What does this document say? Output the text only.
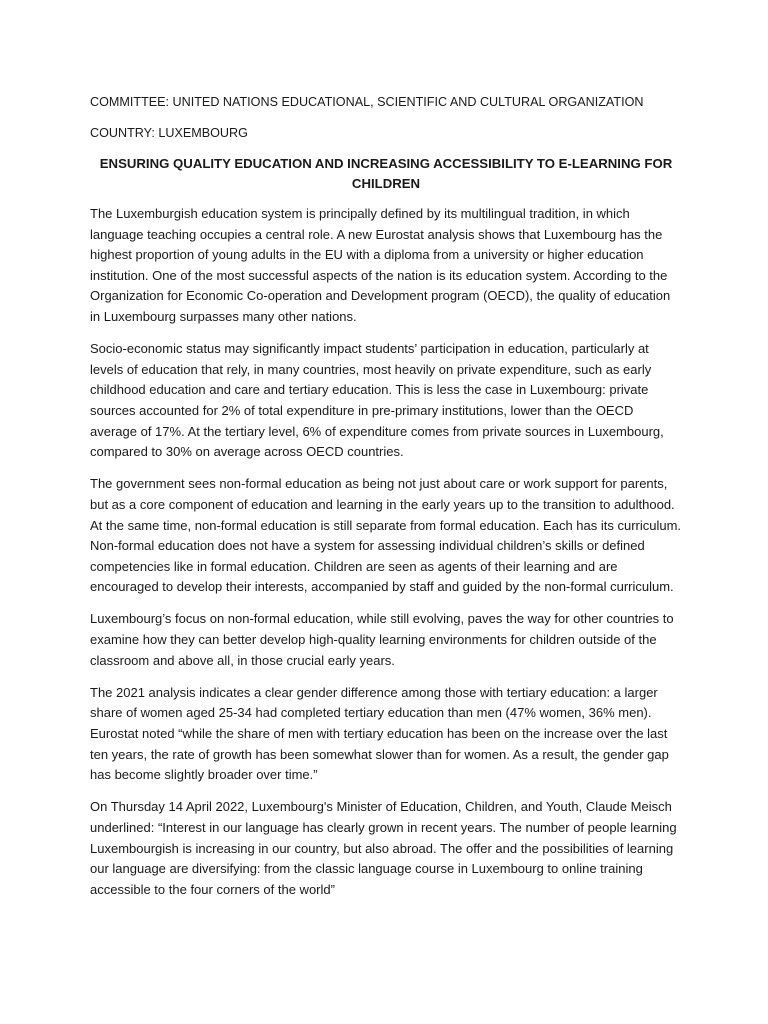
COMMITTEE: UNITED NATIONS EDUCATIONAL, SCIENTIFIC AND CULTURAL ORGANIZATION

COUNTRY: LUXEMBOURG

ENSURING QUALITY EDUCATION AND INCREASING ACCESSIBILITY TO E-LEARNING FOR CHILDREN

The Luxemburgish education system is principally defined by its multilingual tradition, in which language teaching occupies a central role. A new Eurostat analysis shows that Luxembourg has the highest proportion of young adults in the EU with a diploma from a university or higher education institution. One of the most successful aspects of the nation is its education system. According to the Organization for Economic Co-operation and Development program (OECD), the quality of education in Luxembourg surpasses many other nations.

Socio-economic status may significantly impact students’ participation in education, particularly at levels of education that rely, in many countries, most heavily on private expenditure, such as early childhood education and care and tertiary education. This is less the case in Luxembourg: private sources accounted for 2% of total expenditure in pre-primary institutions, lower than the OECD average of 17%. At the tertiary level, 6% of expenditure comes from private sources in Luxembourg, compared to 30% on average across OECD countries.

The government sees non-formal education as being not just about care or work support for parents, but as a core component of education and learning in the early years up to the transition to adulthood. At the same time, non-formal education is still separate from formal education. Each has its curriculum. Non-formal education does not have a system for assessing individual children’s skills or defined competencies like in formal education. Children are seen as agents of their learning and are encouraged to develop their interests, accompanied by staff and guided by the non-formal curriculum.

Luxembourg’s focus on non-formal education, while still evolving, paves the way for other countries to examine how they can better develop high-quality learning environments for children outside of the classroom and above all, in those crucial early years.

The 2021 analysis indicates a clear gender difference among those with tertiary education: a larger share of women aged 25-34 had completed tertiary education than men (47% women, 36% men). Eurostat noted “while the share of men with tertiary education has been on the increase over the last ten years, the rate of growth has been somewhat slower than for women. As a result, the gender gap has become slightly broader over time.”

On Thursday 14 April 2022, Luxembourg's Minister of Education, Children, and Youth, Claude Meisch underlined: “Interest in our language has clearly grown in recent years. The number of people learning Luxembourgish is increasing in our country, but also abroad. The offer and the possibilities of learning our language are diversifying: from the classic language course in Luxembourg to online training accessible to the four corners of the world”
